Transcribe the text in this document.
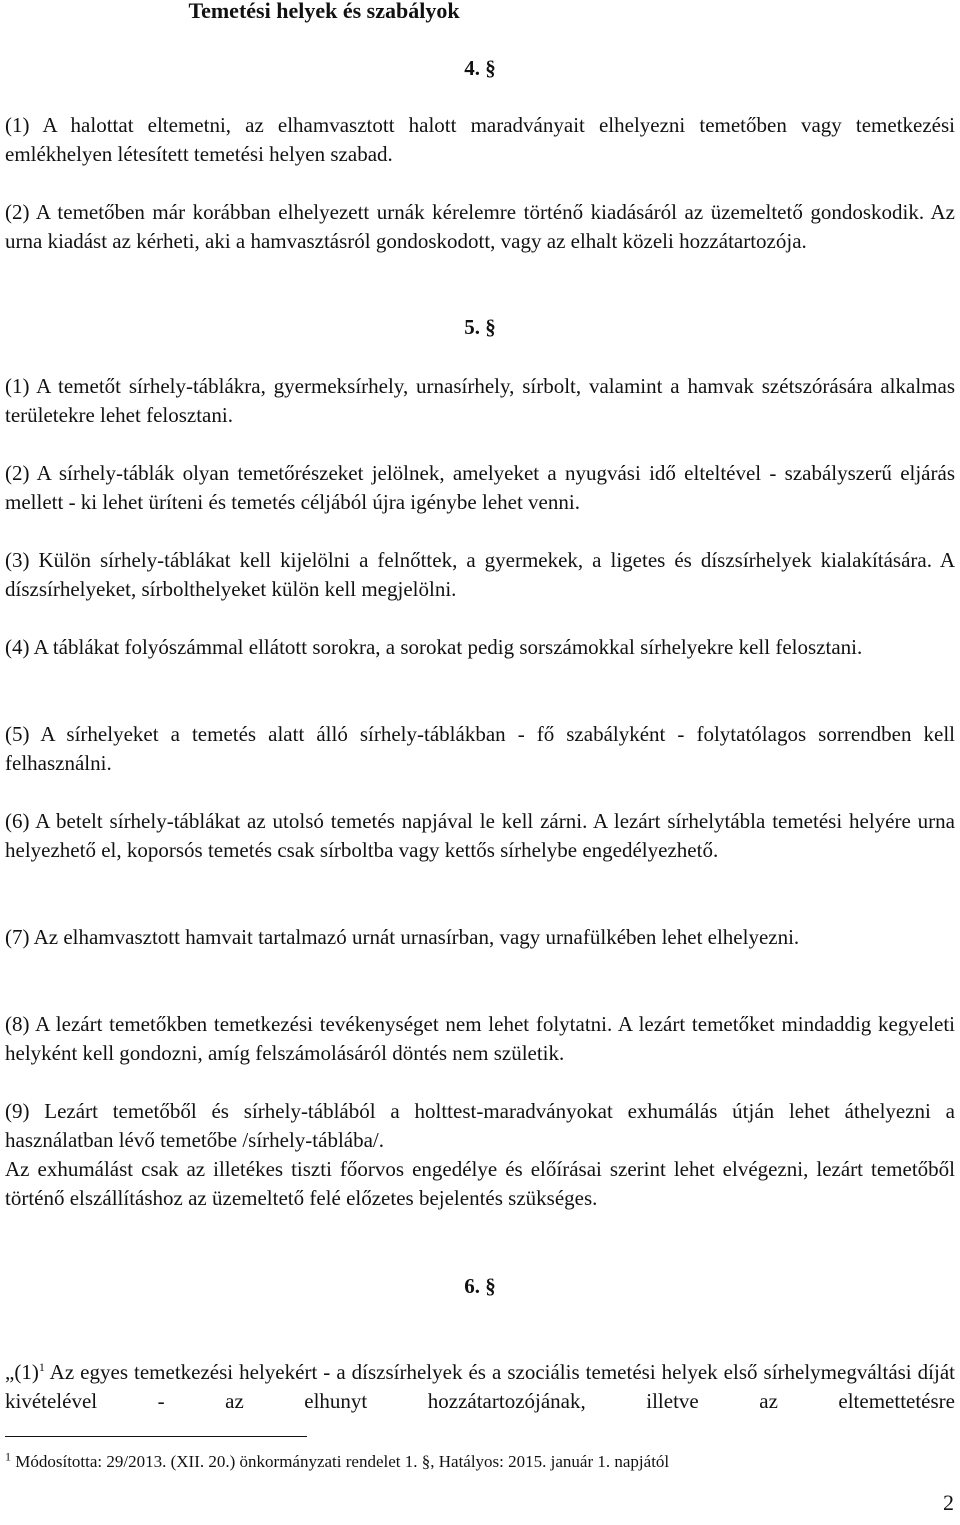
Temetési helyek és szabályok
4. §

(1) A halottat eltemetni, az elhamvasztott halott maradványait elhelyezni temetőben vagy temetkezési emlékhelyen létesített temetési helyen szabad.

(2) A temetőben már korábban elhelyezett urnák kérelemre történő kiadásáról az üzemeltető gondoskodik. Az urna kiadást az kérheti, aki a hamvasztásról gondoskodott, vagy az elhalt közeli hozzátartozója.

5. §

(1) A temetőt sírhely-táblákra, gyermeksírhely, urnasírhely, sírbolt, valamint a hamvak szétszórására alkalmas területekre lehet felosztani.

(2) A sírhely-táblák olyan temetőrészeket jelölnek, amelyeket a nyugvási idő elteltével - szabályszerű eljárás mellett - ki lehet üríteni és temetés céljából újra igénybe lehet venni.

(3) Külön sírhely-táblákat kell kijelölni a felnőttek, a gyermekek, a ligetes és díszsírhelyek kialakítására. A díszsírhelyeket, sírbolthelyeket külön kell megjelölni.

(4) A táblákat folyószámmal ellátott sorokra, a sorokat pedig sorszámokkal sírhelyekre kell felosztani.

(5) A sírhelyeket a temetés alatt álló sírhely-táblákban - fő szabályként - folytatólagos sorrendben kell felhasználni.

(6) A betelt sírhely-táblákat az utolsó temetés napjával le kell zárni. A lezárt sírhelytábla temetési helyére urna helyezhető el, koporsós temetés csak sírboltba vagy kettős sírhelybe engedélyezhető.

(7) Az elhamvasztott hamvait tartalmazó urnát urnasírban, vagy urnafülkében lehet elhelyezni.

(8) A lezárt temetőkben temetkezési tevékenységet nem lehet folytatni. A lezárt temetőket mindaddig kegyeleti helyként kell gondozni, amíg felszámolásáról döntés nem születik.

(9) Lezárt temetőből és sírhely-táblából a holttest-maradványokat exhumálás útján lehet áthelyezni a használatban lévő temetőbe /sírhely-táblába/.

Az exhumálást csak az illetékes tiszti főorvos engedélye és előírásai szerint lehet elvégezni, lezárt temetőből történő elszállításhoz az üzemeltető felé előzetes bejelentés szükséges.

6. §

$„(1)^1$ Az egyes temetkezési helyekért - a díszsírhelyek és a szociális temetési helyek első sírhelymegváltási díját kivételével - az elhunyt hozzátartozójának, illetve az eltemettetésre

$^1$ Módosította: 29/2013. (XII. 20.) önkormányzati rendelet 1. §, Hatályos: 2015. január 1. napjától
2
